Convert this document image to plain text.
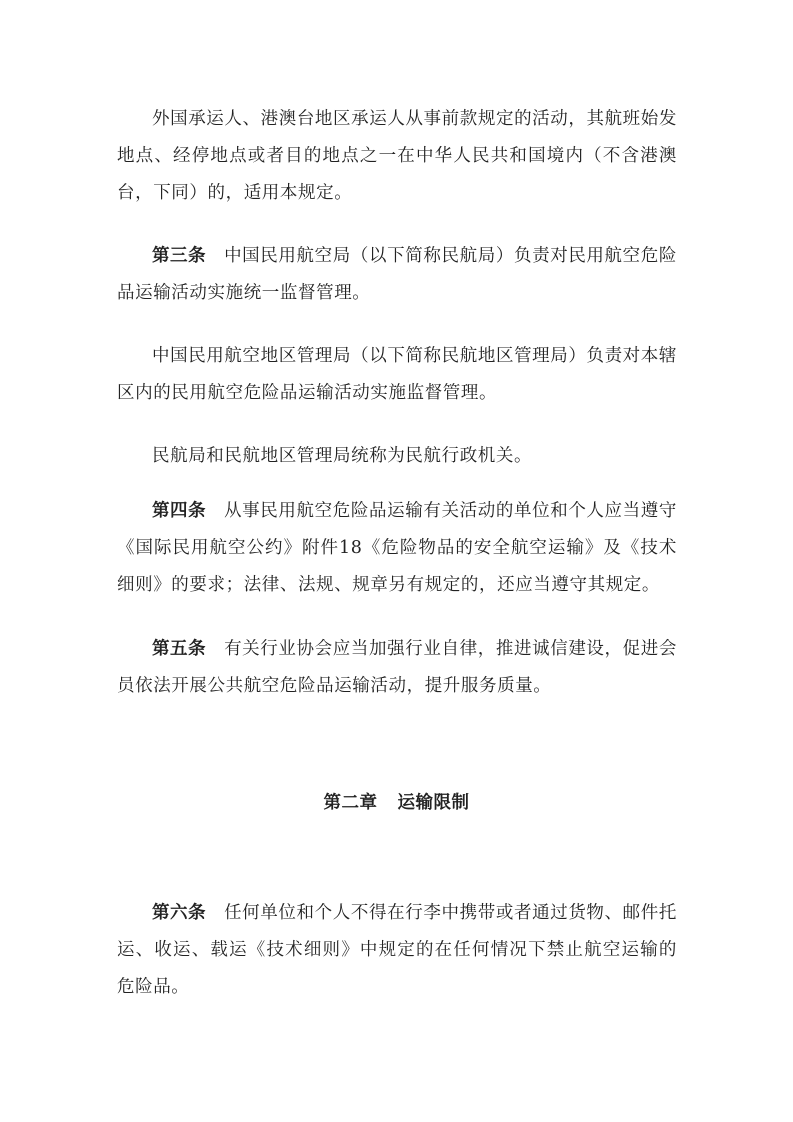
外国承运人、港澳台地区承运人从事前款规定的活动，其航班始发地点、经停地点或者目的地点之一在中华人民共和国境内（不含港澳台，下同）的，适用本规定。

第三条 中国民用航空局（以下简称民航局）负责对民用航空危险品运输活动实施统一监督管理。

中国民用航空地区管理局（以下简称民航地区管理局）负责对本辖区内的民用航空危险品运输活动实施监督管理。

民航局和民航地区管理局统称为民航行政机关。

第四条 从事民用航空危险品运输有关活动的单位和个人应当遵守《国际民用航空公约》附件18《危险物品的安全航空运输》及《技术细则》的要求；法律、法规、规章另有规定的，还应当遵守其规定。

第五条 有关行业协会应当加强行业自律，推进诚信建设，促进会员依法开展公共航空危险品运输活动，提升服务质量。

第二章 运输限制

第六条 任何单位和个人不得在行李中携带或者通过货物、邮件托运、收运、载运《技术细则》中规定的在任何情况下禁止航空运输的危险品。
